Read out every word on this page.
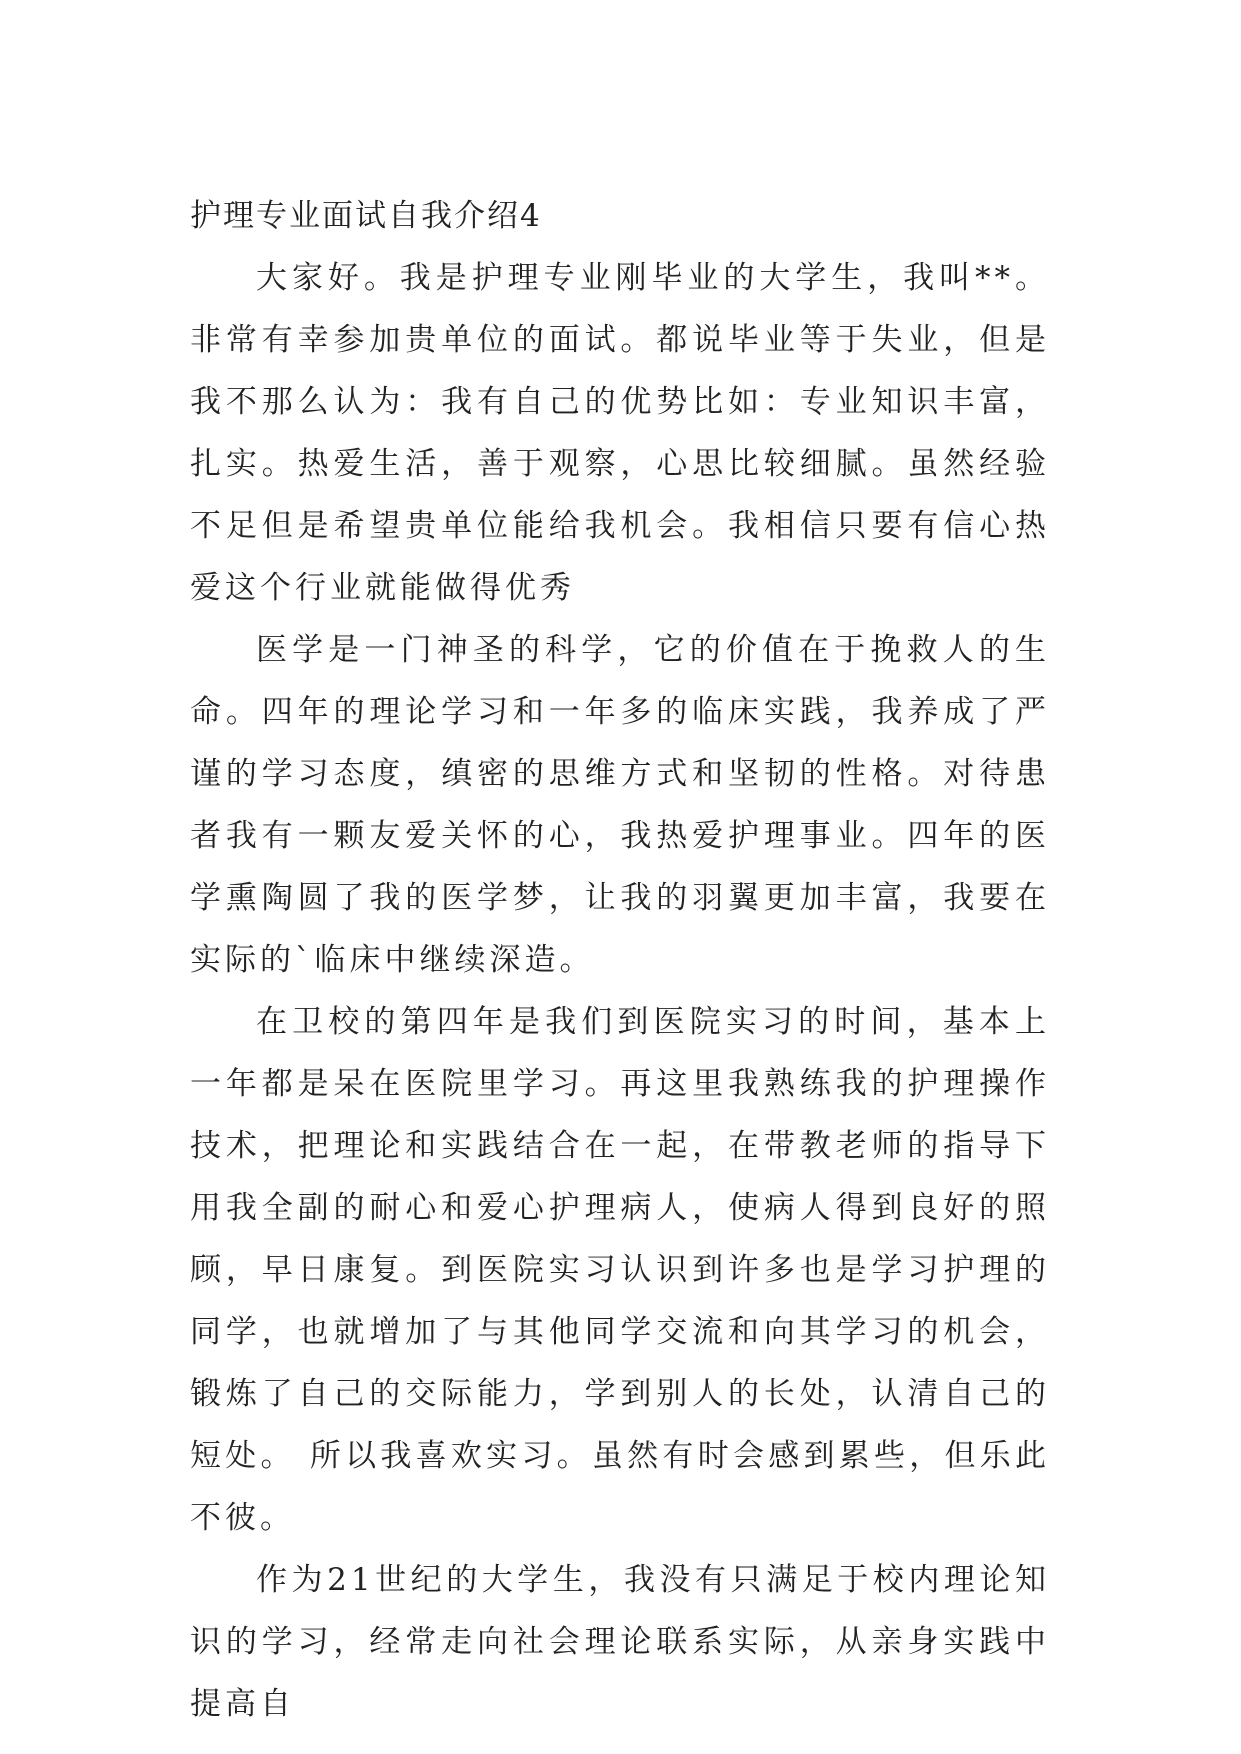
护理专业面试自我介绍4

大家好。我是护理专业刚毕业的大学生，我叫**。非常有幸参加贵单位的面试。都说毕业等于失业，但是我不那么认为：我有自己的优势比如：专业知识丰富，扎实。热爱生活，善于观察，心思比较细腻。虽然经验不足但是希望贵单位能给我机会。我相信只要有信心热爱这个行业就能做得优秀

医学是一门神圣的科学，它的价值在于挽救人的生命。四年的理论学习和一年多的临床实践，我养成了严谨的学习态度，缜密的思维方式和坚韧的性格。对待患者我有一颗友爱关怀的心，我热爱护理事业。四年的医学熏陶圆了我的医学梦，让我的羽翼更加丰富，我要在实际的`临床中继续深造。

在卫校的第四年是我们到医院实习的时间，基本上一年都是呆在医院里学习。再这里我熟练我的护理操作技术，把理论和实践结合在一起，在带教老师的指导下用我全副的耐心和爱心护理病人，使病人得到良好的照顾，早日康复。到医院实习认识到许多也是学习护理的同学，也就增加了与其他同学交流和向其学习的机会，锻炼了自己的交际能力，学到别人的长处，认清自己的短处。 所以我喜欢实习。虽然有时会感到累些，但乐此不彼。

作为21世纪的大学生，我没有只满足于校内理论知识的学习，经常走向社会理论联系实际，从亲身实践中提高自
